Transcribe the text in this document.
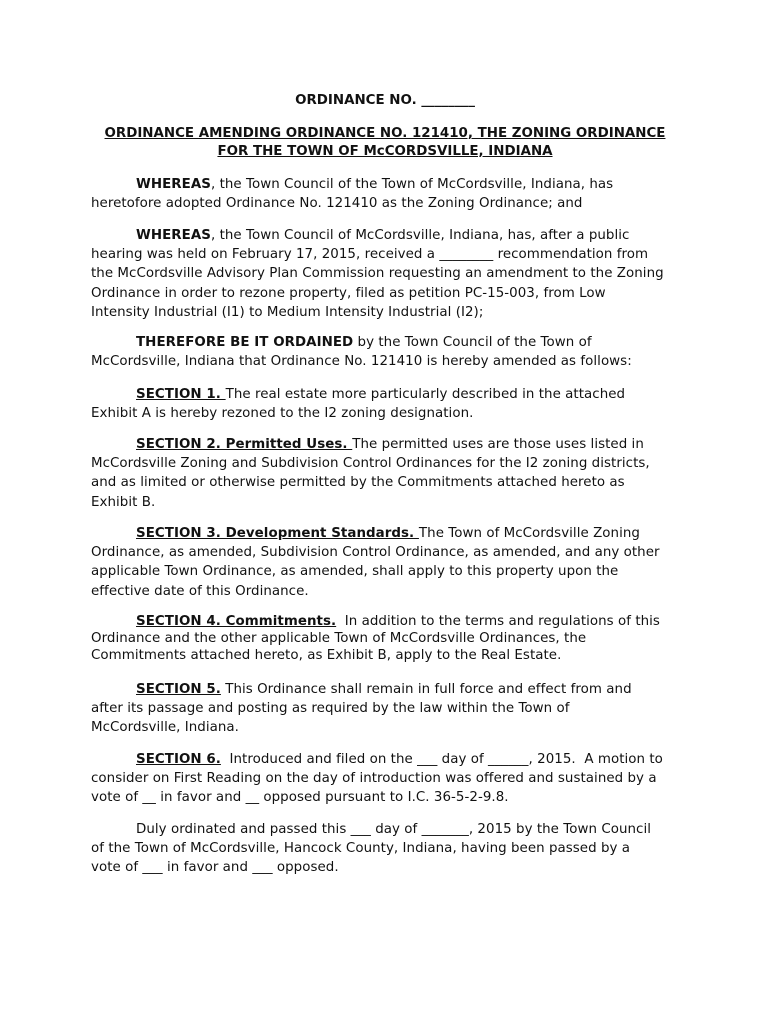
ORDINANCE NO. ________
ORDINANCE AMENDING ORDINANCE NO. 121410, THE ZONING ORDINANCE
FOR THE TOWN OF McCORDSVILLE, INDIANA
WHEREAS, the Town Council of the Town of McCordsville, Indiana, has
heretofore adopted Ordinance No. 121410 as the Zoning Ordinance; and
WHEREAS, the Town Council of McCordsville, Indiana, has, after a public
hearing was held on February 17, 2015, received a ________ recommendation from
the McCordsville Advisory Plan Commission requesting an amendment to the Zoning
Ordinance in order to rezone property, filed as petition PC-15-003, from Low
Intensity Industrial (I1) to Medium Intensity Industrial (I2);
THEREFORE BE IT ORDAINED by the Town Council of the Town of
McCordsville, Indiana that Ordinance No. 121410 is hereby amended as follows:
SECTION 1. The real estate more particularly described in the attached
Exhibit A is hereby rezoned to the I2 zoning designation.
SECTION 2. Permitted Uses. The permitted uses are those uses listed in
McCordsville Zoning and Subdivision Control Ordinances for the I2 zoning districts,
and as limited or otherwise permitted by the Commitments attached hereto as
Exhibit B.
SECTION 3. Development Standards. The Town of McCordsville Zoning
Ordinance, as amended, Subdivision Control Ordinance, as amended, and any other
applicable Town Ordinance, as amended, shall apply to this property upon the
effective date of this Ordinance.
SECTION 4. Commitments.  In addition to the terms and regulations of this
Ordinance and the other applicable Town of McCordsville Ordinances, the
Commitments attached hereto, as Exhibit B, apply to the Real Estate.
SECTION 5. This Ordinance shall remain in full force and effect from and
after its passage and posting as required by the law within the Town of
McCordsville, Indiana.
SECTION 6.  Introduced and filed on the ___ day of ______, 2015.  A motion to
consider on First Reading on the day of introduction was offered and sustained by a
vote of __ in favor and __ opposed pursuant to I.C. 36-5-2-9.8.
Duly ordinated and passed this ___ day of _______, 2015 by the Town Council
of the Town of McCordsville, Hancock County, Indiana, having been passed by a
vote of ___ in favor and ___ opposed.
